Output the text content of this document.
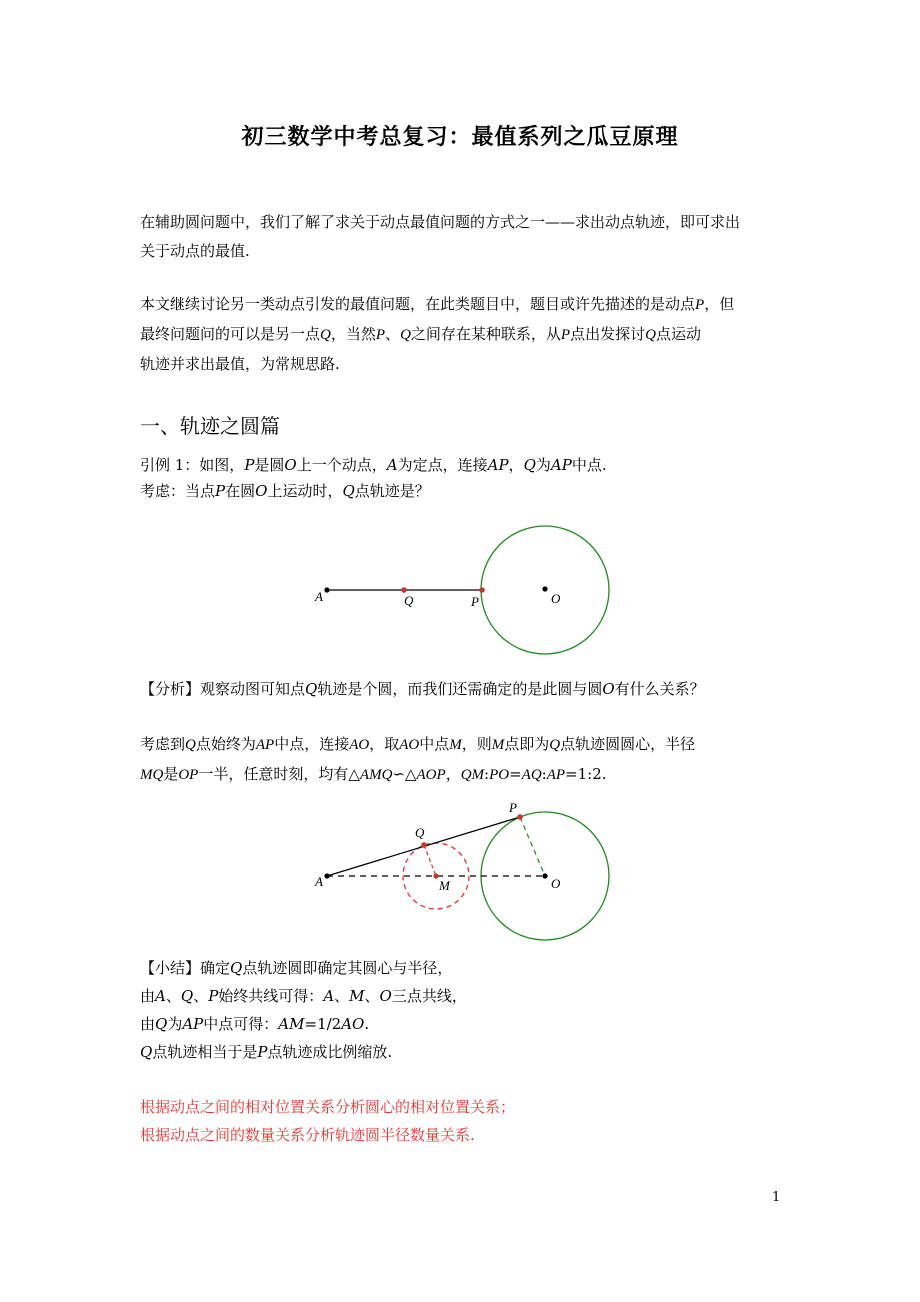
初三数学中考总复习：最值系列之瓜豆原理

在辅助圆问题中，我们了解了求关于动点最值问题的方式之一——求出动点轨迹，即可求出
关于动点的最值.

本文继续讨论另一类动点引发的最值问题，在此类题目中，题目或许先描述的是动点P，但
最终问题问的可以是另一点Q，当然P、Q之间存在某种联系，从P点出发探讨Q点运动
轨迹并求出最值，为常规思路.

一、轨迹之圆篇
引例 1：如图，P是圆O上一个动点，A为定点，连接AP，Q为AP中点.
考虑：当点P在圆O上运动时，Q点轨迹是？
A	Q	P	O
【分析】观察动图可知点Q轨迹是个圆，而我们还需确定的是此圆与圆O有什么关系？

考虑到Q点始终为AP中点，连接AO，取AO中点M，则M点即为Q点轨迹圆圆心，半径
MQ是OP一半，任意时刻，均有△AMQ∽△AOP，QM:PO=AQ:AP=1:2.

A
Q
P
M	O
【小结】确定Q点轨迹圆即确定其圆心与半径，
由A、Q、P始终共线可得：A、M、O三点共线，
由Q为AP中点可得：AM=1/2AO.
Q点轨迹相当于是P点轨迹成比例缩放.
根据动点之间的相对位置关系分析圆心的相对位置关系；
根据动点之间的数量关系分析轨迹圆半径数量关系.
1
